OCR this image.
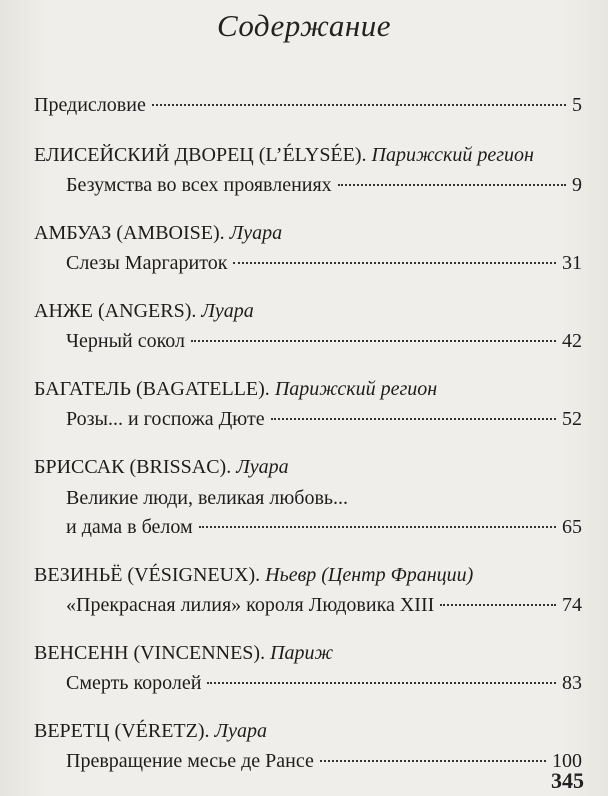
Содержание
Предисловие	5
ЕЛИСЕЙСКИЙ ДВОРЕЦ (L’ÉLYSÉE). Парижский регион
Безумства во всех проявлениях	9
АМБУАЗ (AMBOISE). Луара
Слезы Маргариток	31
АНЖЕ (ANGERS). Луара
Черный сокол	42
БАГАТЕЛЬ (BAGATELLE). Парижский регион
Розы... и госпожа Дюте	52
БРИССАК (BRISSAC). Луара
Великие люди, великая любовь...
и дама в белом	65
ВЕЗИНЬЁ (VÉSIGNEUX). Ньевр (Центр Франции)
«Прекрасная лилия» короля Людовика XIII	74
ВЕНСЕНН (VINCENNES). Париж
Смерть королей	83
ВЕРЕТЦ (VÉRETZ). Луара
Превращение месье де Рансе	100
345
